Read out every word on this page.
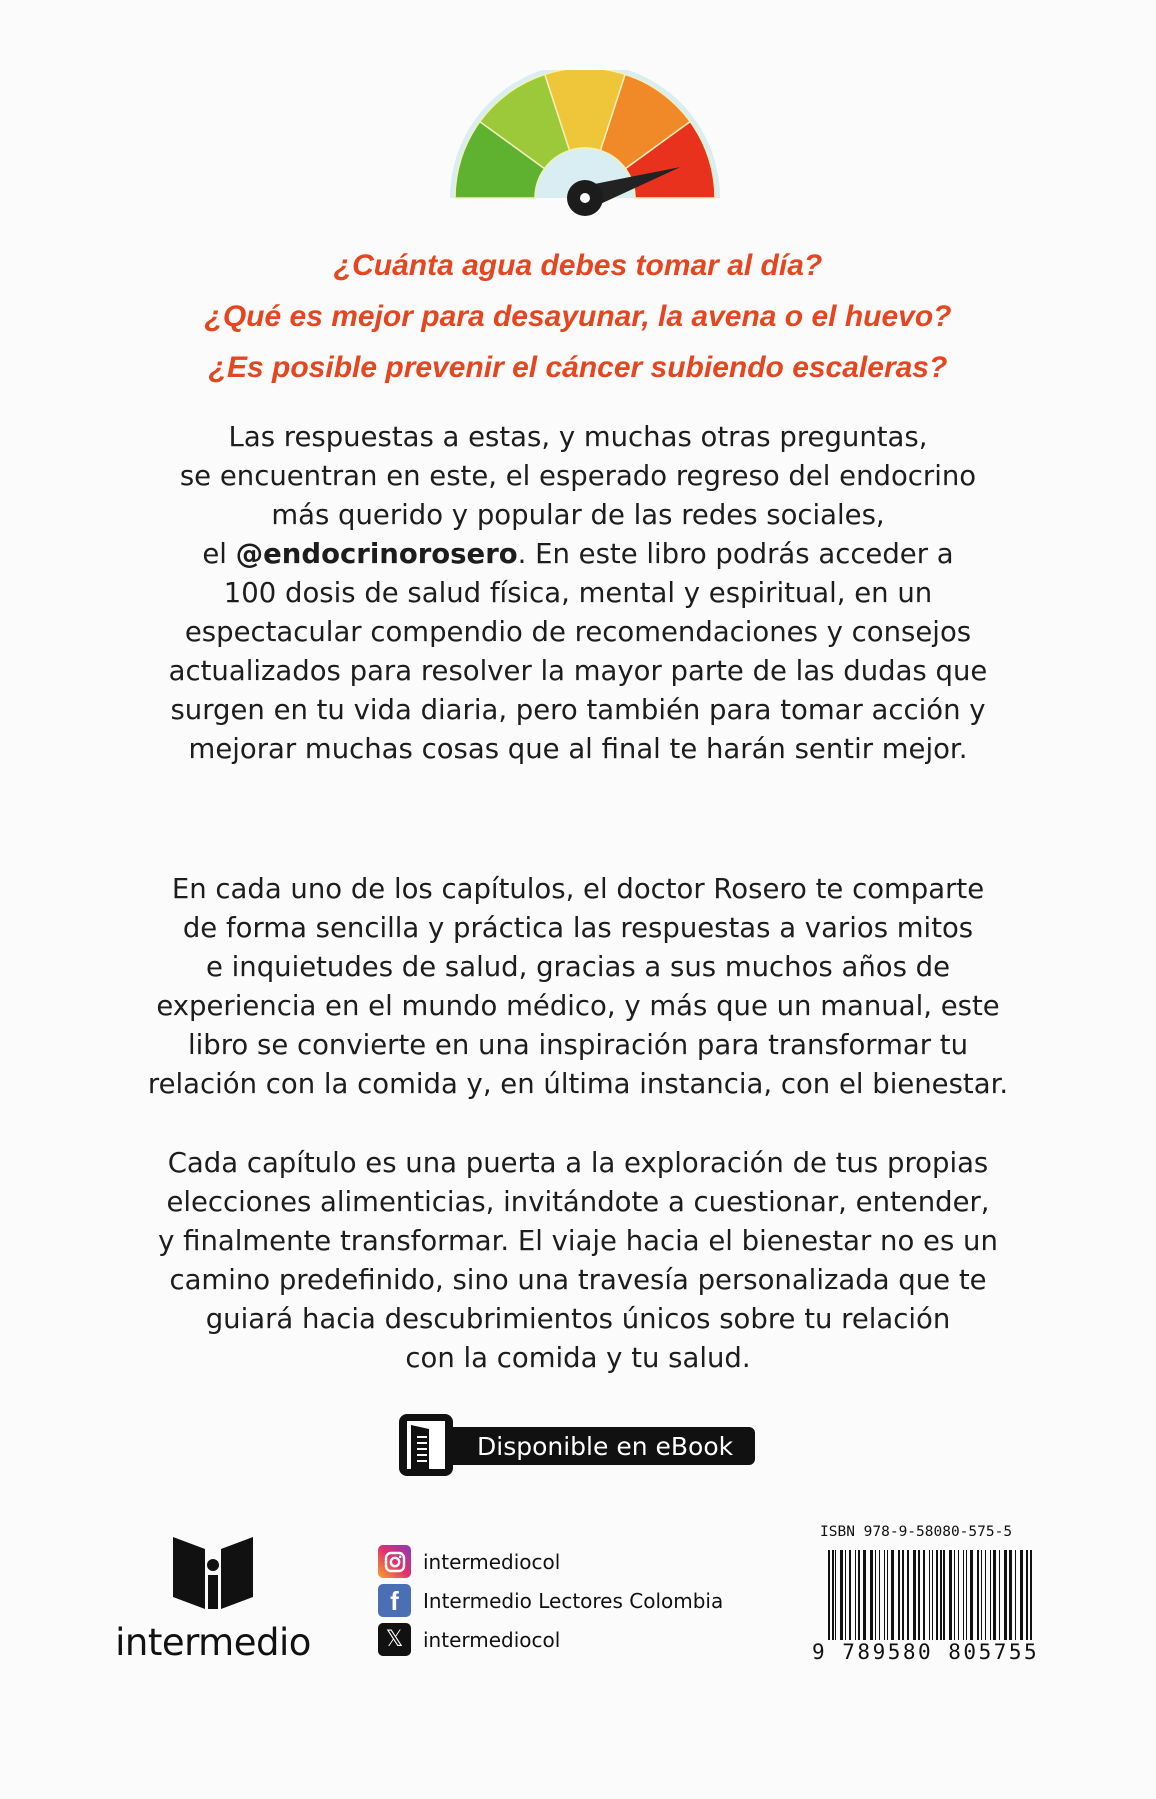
¿Cuánta agua debes tomar al día?
¿Qué es mejor para desayunar, la avena o el huevo?
¿Es posible prevenir el cáncer subiendo escaleras?
Las respuestas a estas, y muchas otras preguntas,
se encuentran en este, el esperado regreso del endocrino
más querido y popular de las redes sociales,
el @endocrinorosero. En este libro podrás acceder a
100 dosis de salud física, mental y espiritual, en un
espectacular compendio de recomendaciones y consejos
actualizados para resolver la mayor parte de las dudas que
surgen en tu vida diaria, pero también para tomar acción y
mejorar muchas cosas que al final te harán sentir mejor.
En cada uno de los capítulos, el doctor Rosero te comparte
de forma sencilla y práctica las respuestas a varios mitos
e inquietudes de salud, gracias a sus muchos años de
experiencia en el mundo médico, y más que un manual, este
libro se convierte en una inspiración para transformar tu
relación con la comida y, en última instancia, con el bienestar.
Cada capítulo es una puerta a la exploración de tus propias
elecciones alimenticias, invitándote a cuestionar, entender,
y finalmente transformar. El viaje hacia el bienestar no es un
camino predefinido, sino una travesía personalizada que te
guiará hacia descubrimientos únicos sobre tu relación
con la comida y tu salud.
Disponible en eBook
intermedio
intermediocol
f	Intermedio Lectores Colombia
𝕏 intermediocol
ISBN 978-9-58080-575-5
9 789580 805755
